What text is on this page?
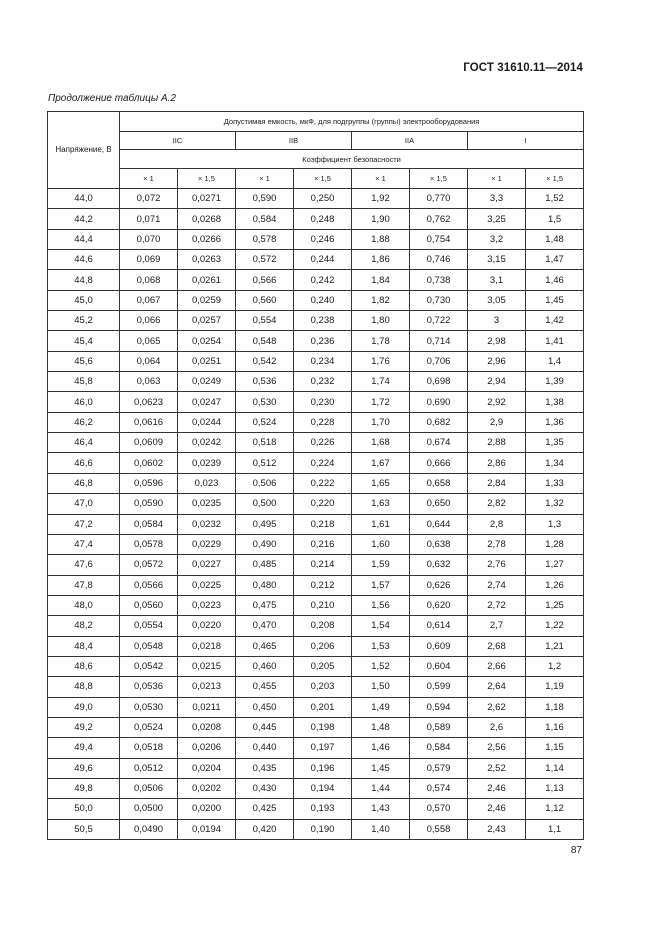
ГОСТ 31610.11—2014
Продолжение таблицы А.2
Напряжение, В	Допустимая емкость, мкФ, для подгруппы (группы) электрооборудования							
	IIC		IIB		IIA		I	
	Коэффициент безопасности							
	× 1	× 1,5	× 1	× 1,5	× 1	× 1,5	× 1	× 1,5
44,0	0,072	0,0271	0,590	0,250	1,92	0,770	3,3	1,52
44,2	0,071	0,0268	0,584	0,248	1,90	0,762	3,25	1,5
44,4	0,070	0,0266	0,578	0,246	1,88	0,754	3,2	1,48
44,6	0,069	0,0263	0,572	0,244	1,86	0,746	3,15	1,47
44,8	0,068	0,0261	0,566	0,242	1,84	0,738	3,1	1,46
45,0	0,067	0,0259	0,560	0,240	1,82	0,730	3,05	1,45
45,2	0,066	0,0257	0,554	0,238	1,80	0,722	3	1,42
45,4	0,065	0,0254	0,548	0,236	1,78	0,714	2,98	1,41
45,6	0,064	0,0251	0,542	0,234	1,76	0,706	2,96	1,4
45,8	0,063	0,0249	0,536	0,232	1,74	0,698	2,94	1,39
46,0	0,0623	0,0247	0,530	0,230	1,72	0,690	2,92	1,38
46,2	0,0616	0,0244	0,524	0,228	1,70	0,682	2,9	1,36
46,4	0,0609	0,0242	0,518	0,226	1,68	0,674	2,88	1,35
46,6	0,0602	0,0239	0,512	0,224	1,67	0,666	2,86	1,34
46,8	0,0596	0,023	0,506	0,222	1,65	0,658	2,84	1,33
47,0	0,0590	0,0235	0,500	0,220	1,63	0,650	2,82	1,32
47,2	0,0584	0,0232	0,495	0,218	1,61	0,644	2,8	1,3
47,4	0,0578	0,0229	0,490	0,216	1,60	0,638	2,78	1,28
47,6	0,0572	0,0227	0,485	0,214	1,59	0,632	2,76	1,27
47,8	0,0566	0,0225	0,480	0,212	1,57	0,626	2,74	1,26
48,0	0,0560	0,0223	0,475	0,210	1,56	0,620	2,72	1,25
48,2	0,0554	0,0220	0,470	0,208	1,54	0,614	2,7	1,22
48,4	0,0548	0,0218	0,465	0,206	1,53	0,609	2,68	1,21
48,6	0,0542	0,0215	0,460	0,205	1,52	0,604	2,66	1,2
48,8	0,0536	0,0213	0,455	0,203	1,50	0,599	2,64	1,19
49,0	0,0530	0,0211	0,450	0,201	1,49	0,594	2,62	1,18
49,2	0,0524	0,0208	0,445	0,198	1,48	0,589	2,6	1,16
49,4	0,0518	0,0206	0,440	0,197	1,46	0,584	2,56	1,15
49,6	0,0512	0,0204	0,435	0,196	1,45	0,579	2,52	1,14
49,8	0,0506	0,0202	0,430	0,194	1,44	0,574	2,46	1,13
50,0	0,0500	0,0200	0,425	0,193	1,43	0,570	2,46	1,12
50,5	0,0490	0,0194	0,420	0,190	1,40	0,558	2,43	1,1
87
